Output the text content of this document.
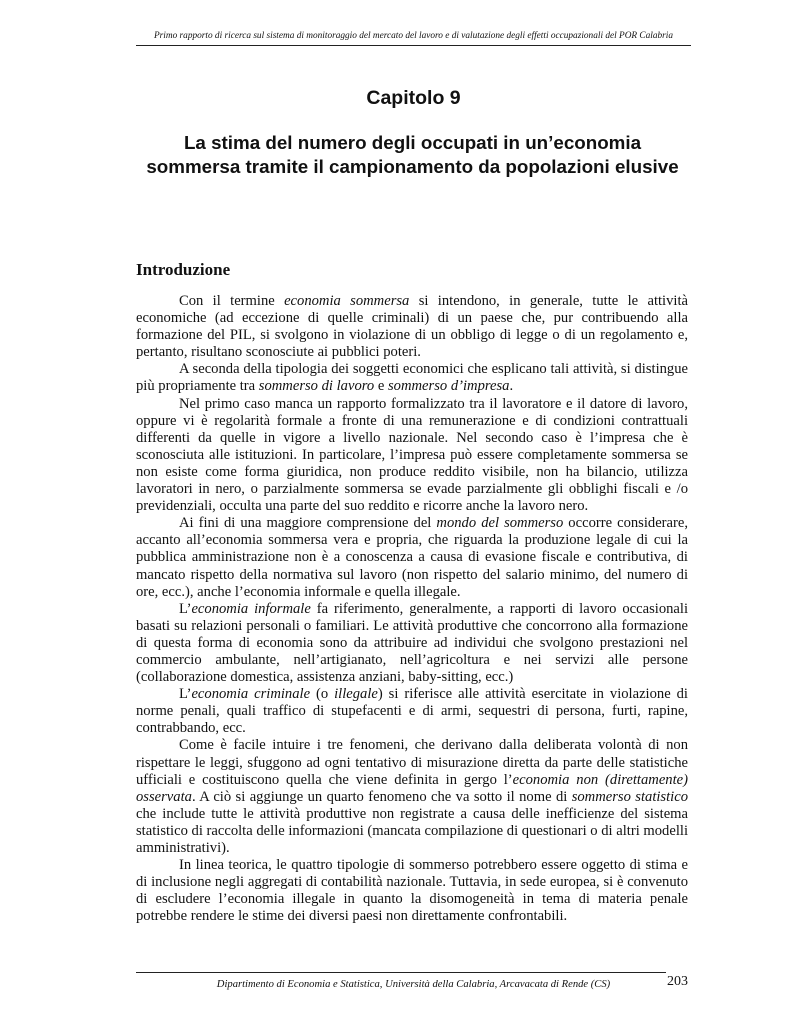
Primo rapporto di ricerca sul sistema di monitoraggio del mercato del lavoro e di valutazione degli effetti occupazionali del POR Calabria
Capitolo 9
La stima del numero degli occupati in un’economia
sommersa tramite il campionamento da popolazioni elusive
Introduzione

Con il termine economia sommersa si intendono, in generale, tutte le attività economiche (ad eccezione di quelle criminali) di un paese che, pur contribuendo alla formazione del PIL, si svolgono in violazione di un obbligo di legge o di un regolamento e, pertanto, risultano sconosciute ai pubblici poteri.

A seconda della tipologia dei soggetti economici che esplicano tali attività, si distingue più propriamente tra sommerso di lavoro e sommerso d’impresa.

Nel primo caso manca un rapporto formalizzato tra il lavoratore e il datore di lavoro, oppure vi è regolarità formale a fronte di una remunerazione e di condizioni contrattuali differenti da quelle in vigore a livello nazionale. Nel secondo caso è l’impresa che è sconosciuta alle istituzioni. In particolare, l’impresa può essere completamente sommersa se non esiste come forma giuridica, non produce reddito visibile, non ha bilancio, utilizza lavoratori in nero, o parzialmente sommersa se evade parzialmente gli obblighi fiscali e /o previdenziali, occulta una parte del suo reddito e ricorre anche la lavoro nero.

Ai fini di una maggiore comprensione del mondo del sommerso occorre considerare, accanto all’economia sommersa vera e propria, che riguarda la produzione legale di cui la pubblica amministrazione non è a conoscenza a causa di evasione fiscale e contributiva, di mancato rispetto della normativa sul lavoro (non rispetto del salario minimo, del numero di ore, ecc.), anche l’economia informale e quella illegale.

L’economia informale fa riferimento, generalmente, a rapporti di lavoro occasionali basati su relazioni personali o familiari. Le attività produttive che concorrono alla formazione di questa forma di economia sono da attribuire ad individui che svolgono prestazioni nel commercio ambulante, nell’artigianato, nell’agricoltura e nei servizi alle persone (collaborazione domestica, assistenza anziani, baby-sitting, ecc.)

L’economia criminale (o illegale) si riferisce alle attività esercitate in violazione di norme penali, quali traffico di stupefacenti e di armi, sequestri di persona, furti, rapine, contrabbando, ecc.

Come è facile intuire i tre fenomeni, che derivano dalla deliberata volontà di non rispettare le leggi, sfuggono ad ogni tentativo di misurazione diretta da parte delle statistiche ufficiali e costituiscono quella che viene definita in gergo l’economia non (direttamente) osservata. A ciò si aggiunge un quarto fenomeno che va sotto il nome di sommerso statistico che include tutte le attività produttive non registrate a causa delle inefficienze del sistema statistico di raccolta delle informazioni (mancata compilazione di questionari o di altri modelli amministrativi).

In linea teorica, le quattro tipologie di sommerso potrebbero essere oggetto di stima e di inclusione negli aggregati di contabilità nazionale. Tuttavia, in sede europea, si è convenuto di escludere l’economia illegale in quanto la disomogeneità in tema di materia penale potrebbe rendere le stime dei diversi paesi non direttamente confrontabili.

Dipartimento di Economia e Statistica, Università della Calabria, Arcavacata di Rende (CS)	203
